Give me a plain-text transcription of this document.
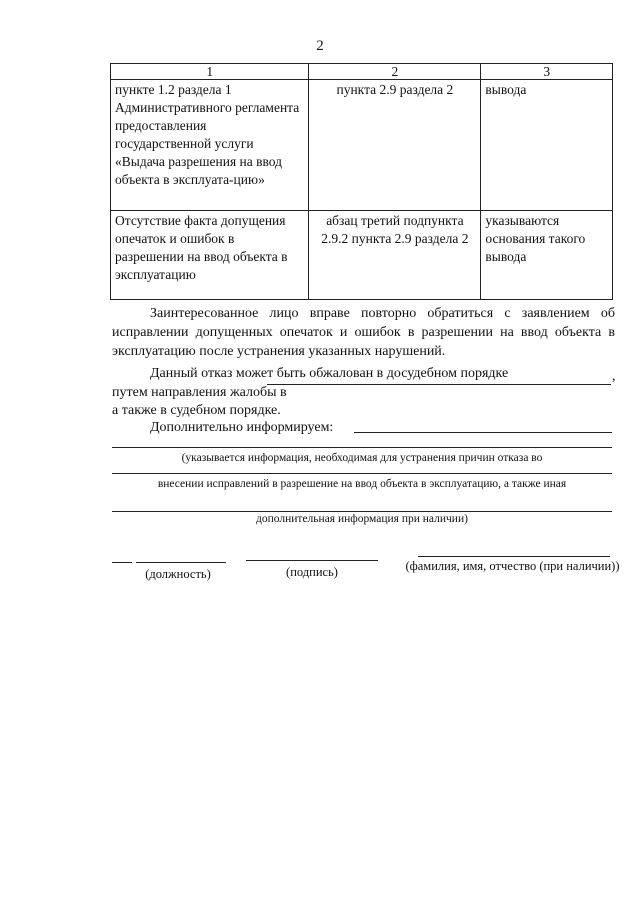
2
1	2	3
пункте 1.2 раздела 1 Административного регламента предоставления государственной услуги «Выдача разрешения на ввод объекта в эксплуата-цию»	пункта 2.9 раздела 2	вывода
Отсутствие факта допущения опечаток и ошибок в разрешении на ввод объекта в эксплуатацию	абзац третий подпункта 2.9.2 пункта 2.9 раздела 2	указываются основания такого вывода
Заинтересованное лицо вправе повторно обратиться с заявлением об исправлении допущенных опечаток и ошибок в разрешении на ввод объекта в эксплуатацию после устранения указанных нарушений.
Данный отказ может быть обжалован в досудебном порядке путем направления жалобы в
,
а также в судебном порядке.
Дополнительно информируем:
(указывается информация, необходимая для устранения причин отказа во
внесении исправлений в разрешение на ввод объекта в эксплуатацию, а также иная
дополнительная информация при наличии)
(должность)	(подпись)	(фамилия, имя, отчество (при наличии))
